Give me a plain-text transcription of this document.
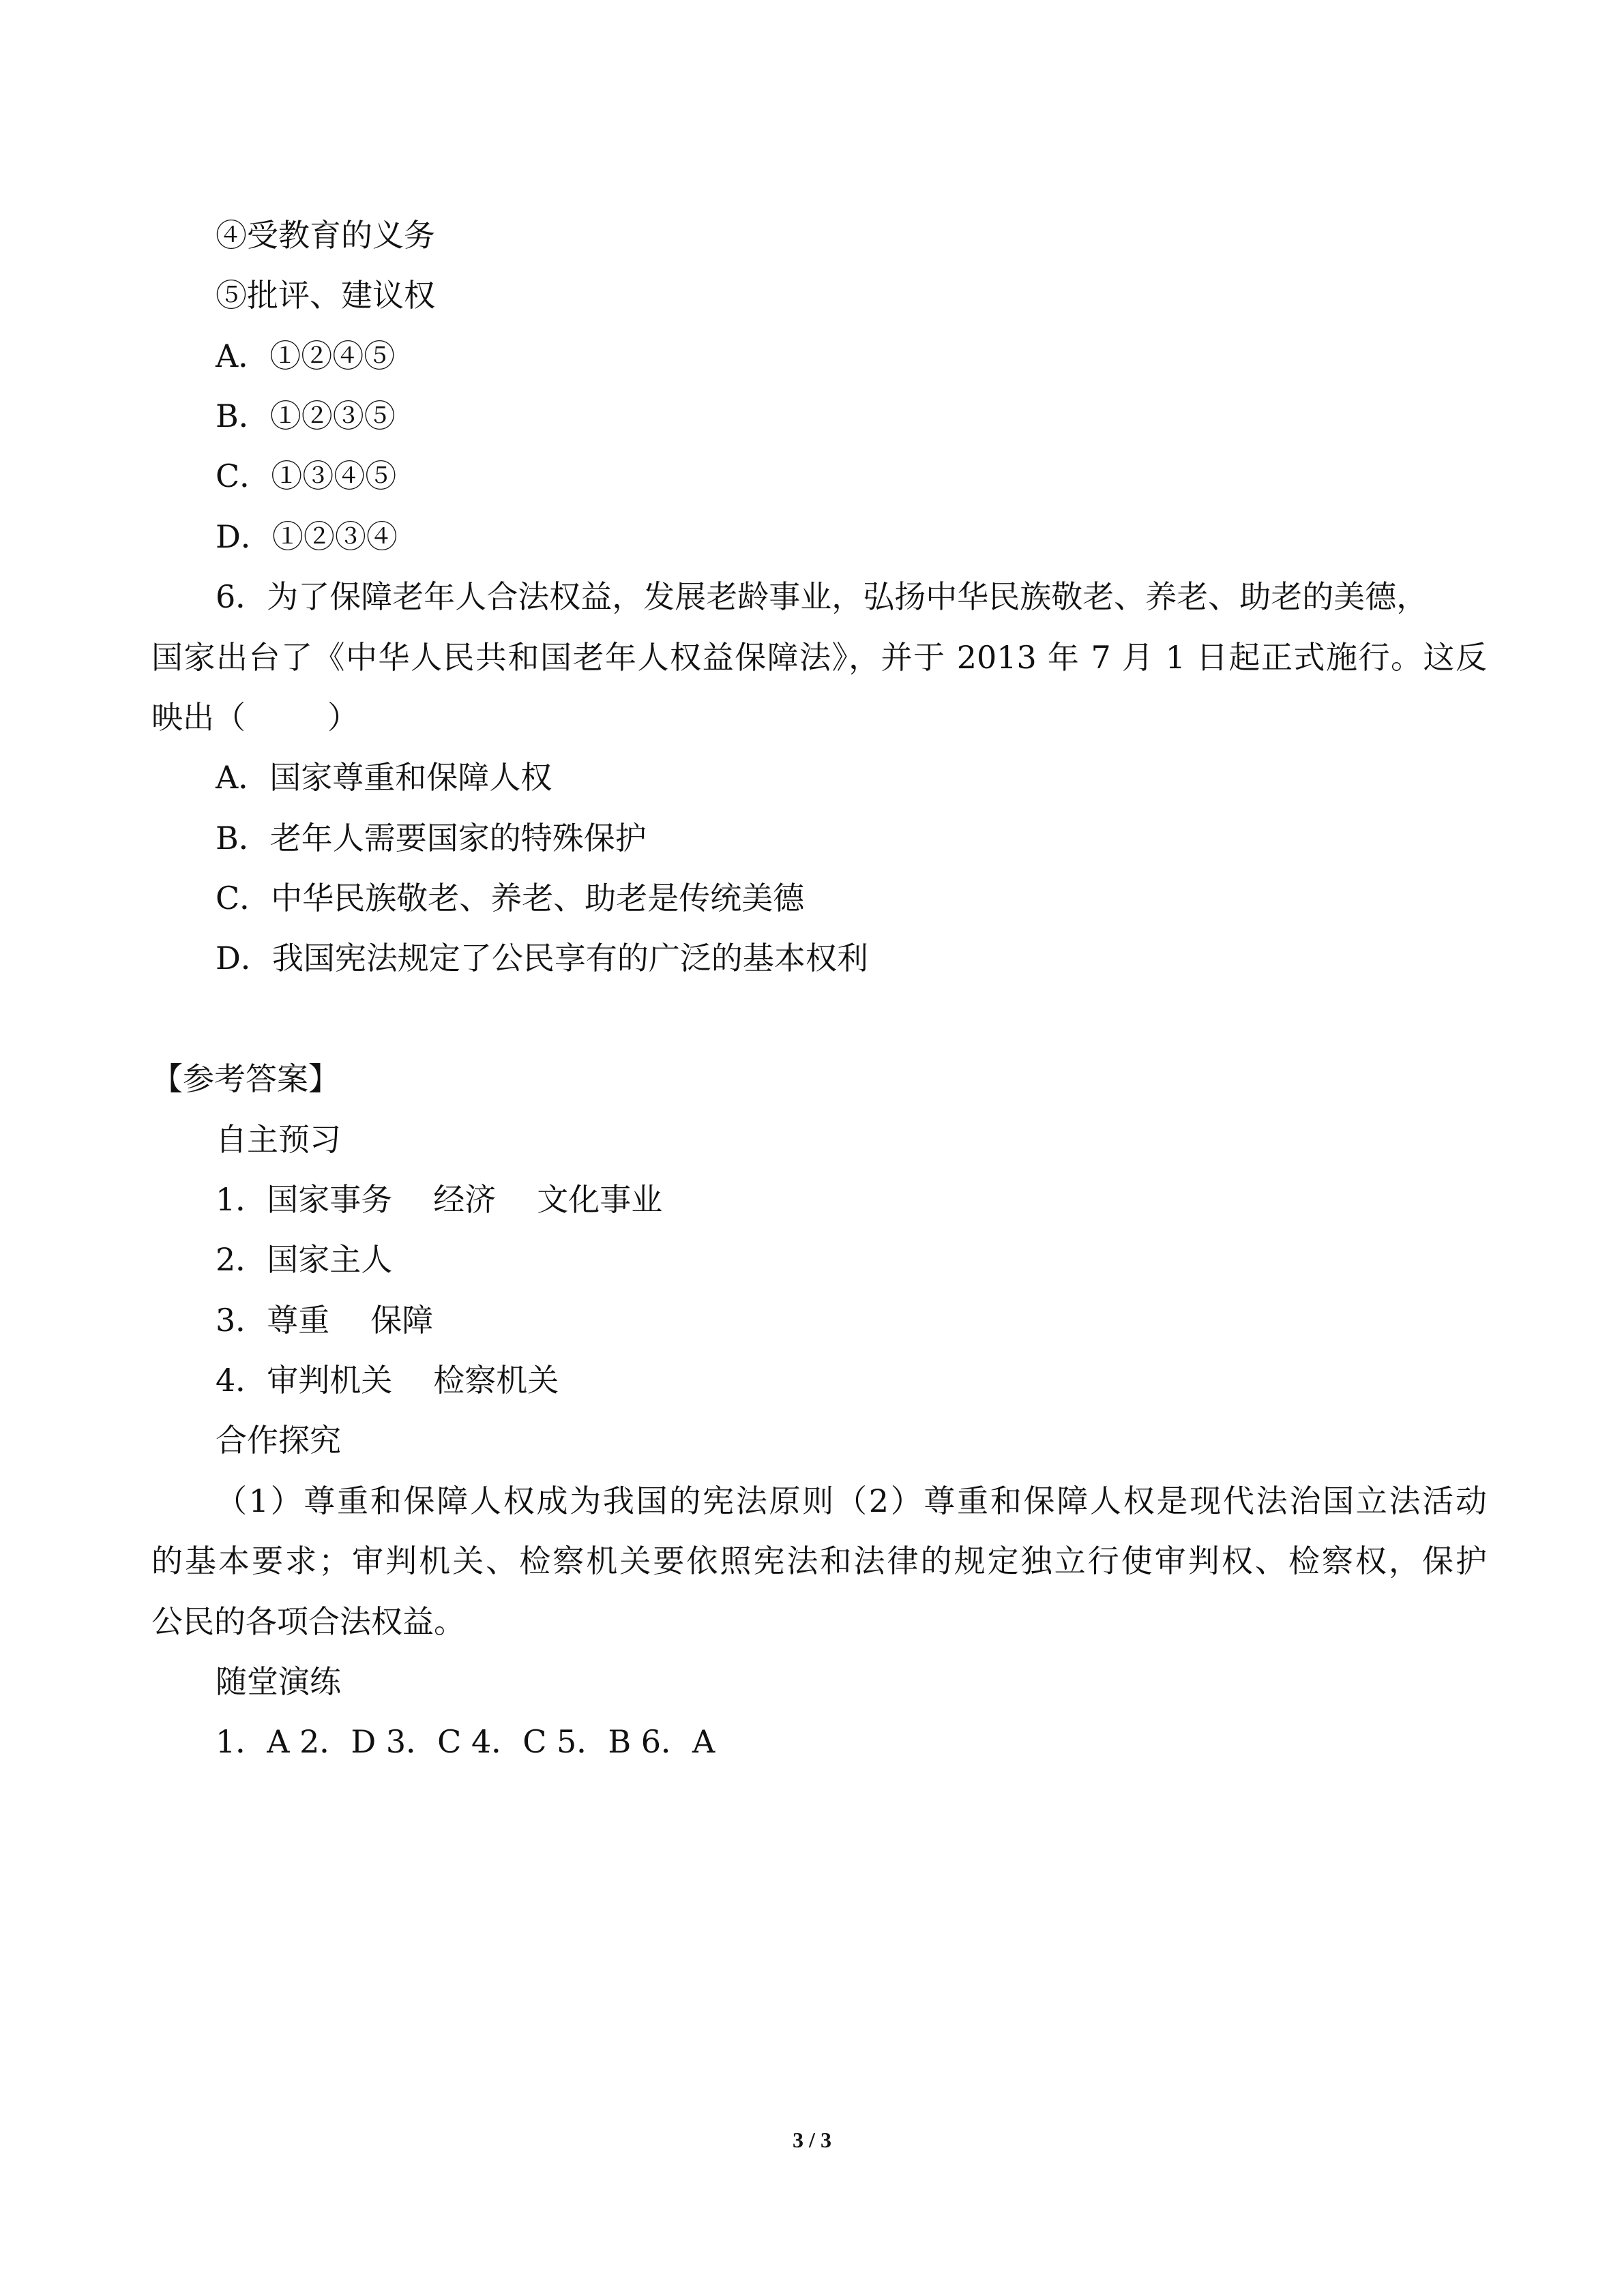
④受教育的义务
⑤批评、建议权
A．①②④⑤
B．①②③⑤
C．①③④⑤
D．①②③④
6．为了保障老年人合法权益，发展老龄事业，弘扬中华民族敬老、养老、助老的美德，
国家出台了《中华人民共和国老年人权益保障法》，并于 2013 年 7 月 1 日起正式施行。这反
映出（	）
A．国家尊重和保障人权
B．老年人需要国家的特殊保护
C．中华民族敬老、养老、助老是传统美德
D．我国宪法规定了公民享有的广泛的基本权利
【参考答案】
自主预习
1．国家事务 经济 文化事业
2．国家主人
3．尊重 保障
4．审判机关 检察机关
合作探究
（1）尊重和保障人权成为我国的宪法原则（2）尊重和保障人权是现代法治国立法活动
的基本要求；审判机关、检察机关要依照宪法和法律的规定独立行使审判权、检察权，保护
公民的各项合法权益。
随堂演练
1．A 2．D 3．C 4．C 5．B 6．A
3 / 3
